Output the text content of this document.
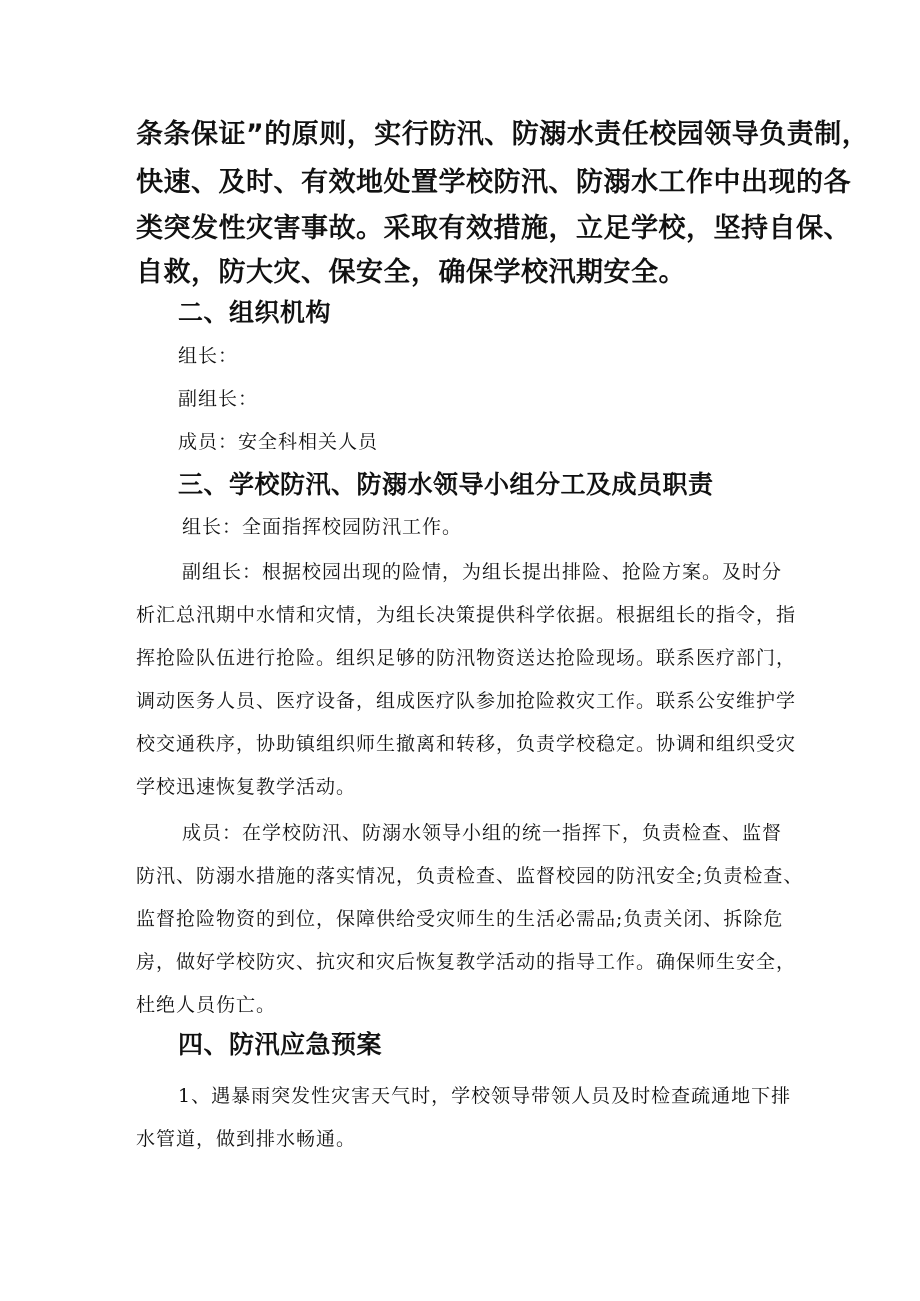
条条保证”的原则，实行防汛、防溺水责任校园领导负责制，

快速、及时、有效地处置学校防汛、防溺水工作中出现的各

类突发性灾害事故。采取有效措施，立足学校，坚持自保、

自救，防大灾、保安全，确保学校汛期安全。

二、组织机构

组长：

副组长：

成员：安全科相关人员

三、学校防汛、防溺水领导小组分工及成员职责

组长：全面指挥校园防汛工作。

副组长：根据校园出现的险情，为组长提出排险、抢险方案。及时分

析汇总汛期中水情和灾情，为组长决策提供科学依据。根据组长的指令，指

挥抢险队伍进行抢险。组织足够的防汛物资送达抢险现场。联系医疗部门，

调动医务人员、医疗设备，组成医疗队参加抢险救灾工作。联系公安维护学

校交通秩序，协助镇组织师生撤离和转移，负责学校稳定。协调和组织受灾

学校迅速恢复教学活动。

成员：在学校防汛、防溺水领导小组的统一指挥下，负责检查、监督

防汛、防溺水措施的落实情况，负责检查、监督校园的防汛安全;负责检查、

监督抢险物资的到位，保障供给受灾师生的生活必需品;负责关闭、拆除危

房，做好学校防灾、抗灾和灾后恢复教学活动的指导工作。确保师生安全，

杜绝人员伤亡。

四、防汛应急预案

1、遇暴雨突发性灾害天气时，学校领导带领人员及时检查疏通地下排

水管道，做到排水畅通。
